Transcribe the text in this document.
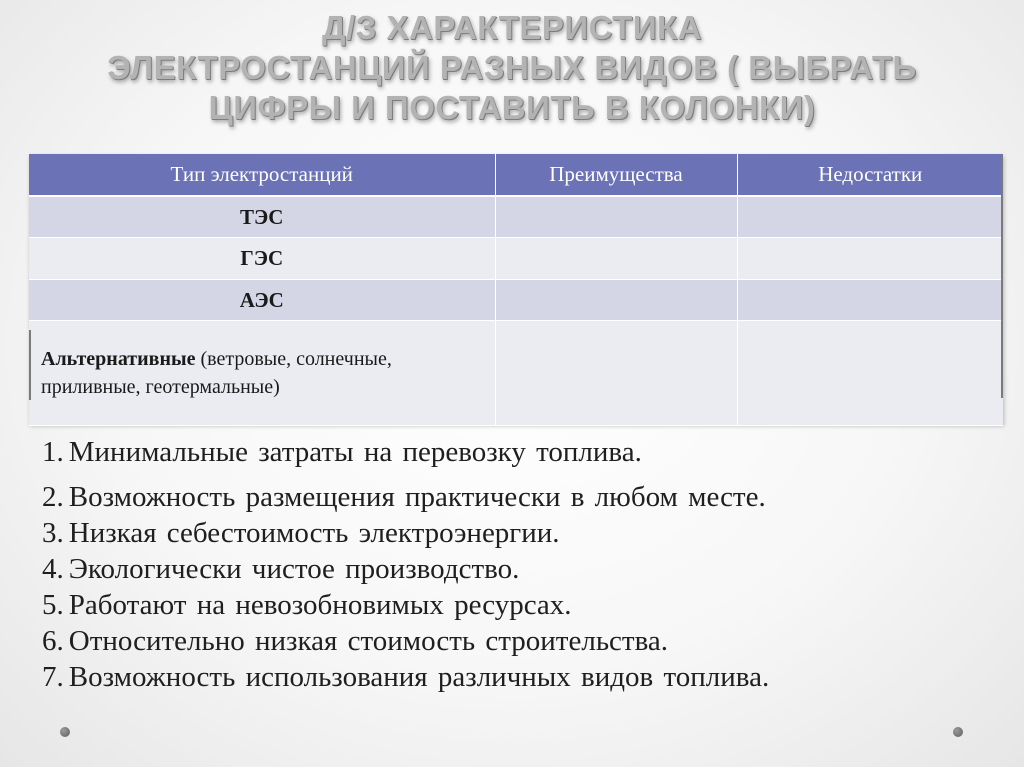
Д/З ХАРАКТЕРИСТИКА
ЭЛЕКТРОСТАНЦИЙ РАЗНЫХ ВИДОВ ( ВЫБРАТЬ
ЦИФРЫ И ПОСТАВИТЬ В КОЛОНКИ)
Тип электростанций	Преимущества	Недостатки
ТЭС		
ГЭС		
АЭС		
Альтернативные (ветровые, солнечные, приливные, геотермальные)		
1. Минимальные затраты на перевозку топлива.
2. Возможность размещения практически в любом месте.
3. Низкая себестоимость электроэнергии.
4. Экологически чистое производство.
5. Работают на невозобновимых ресурсах.
6. Относительно низкая стоимость строительства.
7. Возможность использования различных видов топлива.
